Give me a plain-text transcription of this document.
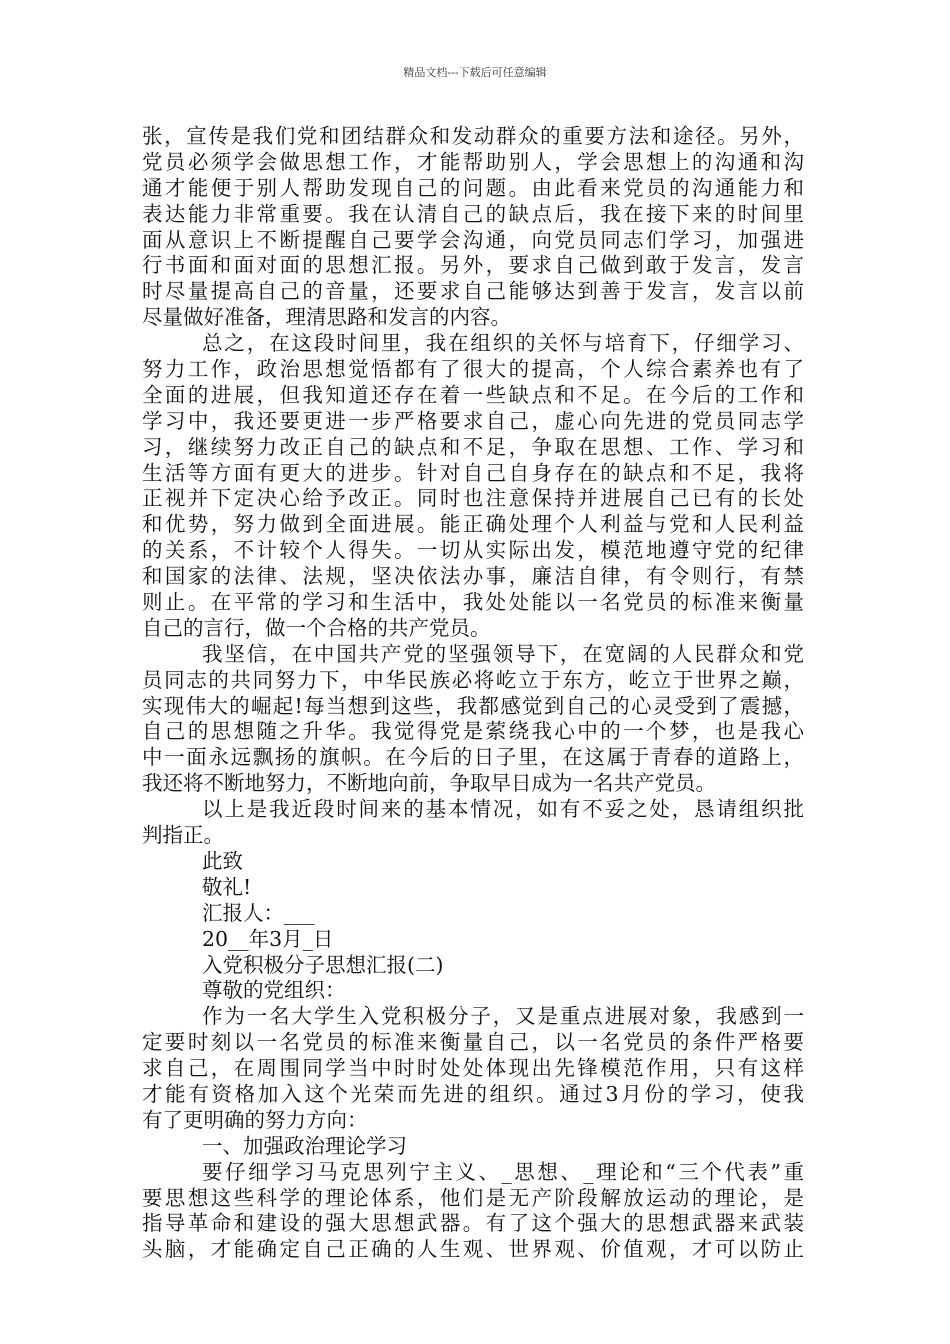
精品文档---下载后可任意编辑
张，宣传是我们党和团结群众和发动群众的重要方法和途径。另外，
党员必须学会做思想工作，才能帮助别人，学会思想上的沟通和沟
通才能便于别人帮助发现自己的问题。由此看来党员的沟通能力和
表达能力非常重要。我在认清自己的缺点后，我在接下来的时间里
面从意识上不断提醒自己要学会沟通，向党员同志们学习，加强进
行书面和面对面的思想汇报。另外，要求自己做到敢于发言，发言
时尽量提高自己的音量，还要求自己能够达到善于发言，发言以前
尽量做好准备，理清思路和发言的内容。
总之，在这段时间里，我在组织的关怀与培育下，仔细学习、
努力工作，政治思想觉悟都有了很大的提高，个人综合素养也有了
全面的进展，但我知道还存在着一些缺点和不足。在今后的工作和
学习中，我还要更进一步严格要求自己，虚心向先进的党员同志学
习，继续努力改正自己的缺点和不足，争取在思想、工作、学习和
生活等方面有更大的进步。针对自己自身存在的缺点和不足，我将
正视并下定决心给予改正。同时也注意保持并进展自己已有的长处
和优势，努力做到全面进展。能正确处理个人利益与党和人民利益
的关系，不计较个人得失。一切从实际出发，模范地遵守党的纪律
和国家的法律、法规，坚决依法办事，廉洁自律，有令则行，有禁
则止。在平常的学习和生活中，我处处能以一名党员的标准来衡量
自己的言行，做一个合格的共产党员。
我坚信，在中国共产党的坚强领导下，在宽阔的人民群众和党
员同志的共同努力下，中华民族必将屹立于东方，屹立于世界之巅，
实现伟大的崛起!每当想到这些，我都感觉到自己的心灵受到了震撼，
自己的思想随之升华。我觉得党是萦绕我心中的一个梦，也是我心
中一面永远飘扬的旗帜。在今后的日子里，在这属于青春的道路上，
我还将不断地努力，不断地向前，争取早日成为一名共产党员。
以上是我近段时间来的基本情况，如有不妥之处，恳请组织批
判指正。
此致
敬礼!
汇报人：___
20__年3月_日
入党积极分子思想汇报(二)
尊敬的党组织：
作为一名大学生入党积极分子，又是重点进展对象，我感到一
定要时刻以一名党员的标准来衡量自己，以一名党员的条件严格要
求自己，在周围同学当中时时处处体现出先锋模范作用，只有这样
才能有资格加入这个光荣而先进的组织。通过3月份的学习，使我
有了更明确的努力方向：
一、加强政治理论学习
要仔细学习马克思列宁主义、_思想、_理论和“三个代表”重
要思想这些科学的理论体系，他们是无产阶段解放运动的理论，是
指导革命和建设的强大思想武器。有了这个强大的思想武器来武装
头脑，才能确定自己正确的人生观、世界观、价值观，才可以防止
